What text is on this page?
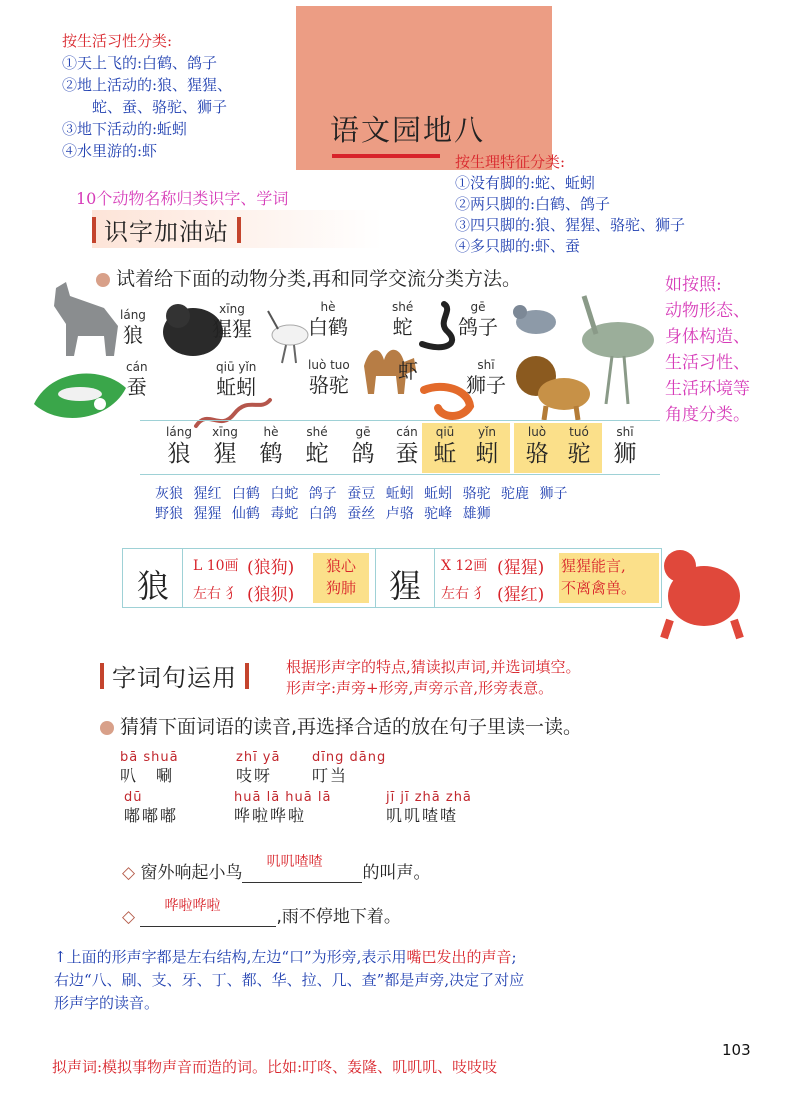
按生活习性分类:
①天上飞的:白鹤、鸽子
②地上活动的:狼、猩猩、
　　蛇、蚕、骆驼、狮子
③地下活动的:蚯蚓
④水里游的:虾
语文园地八
按生理特征分类:
①没有脚的:蛇、蚯蚓
②两只脚的:白鹤、鸽子
③四只脚的:狼、猩猩、骆驼、狮子
④多只脚的:虾、蚕
10个动物名称归类识字、学词
识字加油站
试着给下面的动物分类,再和同学交流分类方法。	如按照:
动物形态、
身体构造、
生活习性、
生活环境等
角度分类。
láng
狼
xīng
猩猩
hè
白鹤
shé
蛇
gē
鸽子
cán
蚕
qiū yǐn
蚯蚓
luò tuo
骆驼
虾	shī
狮子
láng
狼
xīng
猩
hè
鹤
shé
蛇
gē
鸽
cán
蚕
qiū
蚯
yǐn
蚓
luò
骆
tuó
驼
shī
狮
灰狼 猩红 白鹤 白蛇 鸽子 蚕豆 蚯蚓 蚯蚓 骆驼 驼鹿 狮子
野狼 猩猩 仙鹤 毒蛇 白鸽 蚕丝 卢骆 驼峰 雄狮
狼
L 10画
左右 犭
(狼狗)
(狼狈)
狼心
狗肺	猩
X 12画
左右 犭
(猩猩)
(猩红)
猩猩能言,
不离禽兽。
字词句运用	根据形声字的特点,猜读拟声词,并选词填空。
形声字:声旁+形旁,声旁示音,形旁表意。
猜猜下面词语的读音,再选择合适的放在句子里读一读。
bā shuā
叭　唰
zhī yā
吱呀
dīng dāng
叮当
dū
嘟嘟嘟
huā lā huā lā
哗啦哗啦
jī jī zhā zhā
叽叽喳喳
◇ 窗外响起小鸟
叽叽喳喳
的叫声。
◇
哗啦哗啦
,雨不停地下着。
↑上面的形声字都是左右结构,左边“口”为形旁,表示用嘴巴发出的声音;
右边“八、刷、支、牙、丁、都、华、拉、几、查”都是声旁,决定了对应
形声字的读音。
103
拟声词:模拟事物声音而造的词。比如:叮咚、轰隆、叽叽叽、吱吱吱
